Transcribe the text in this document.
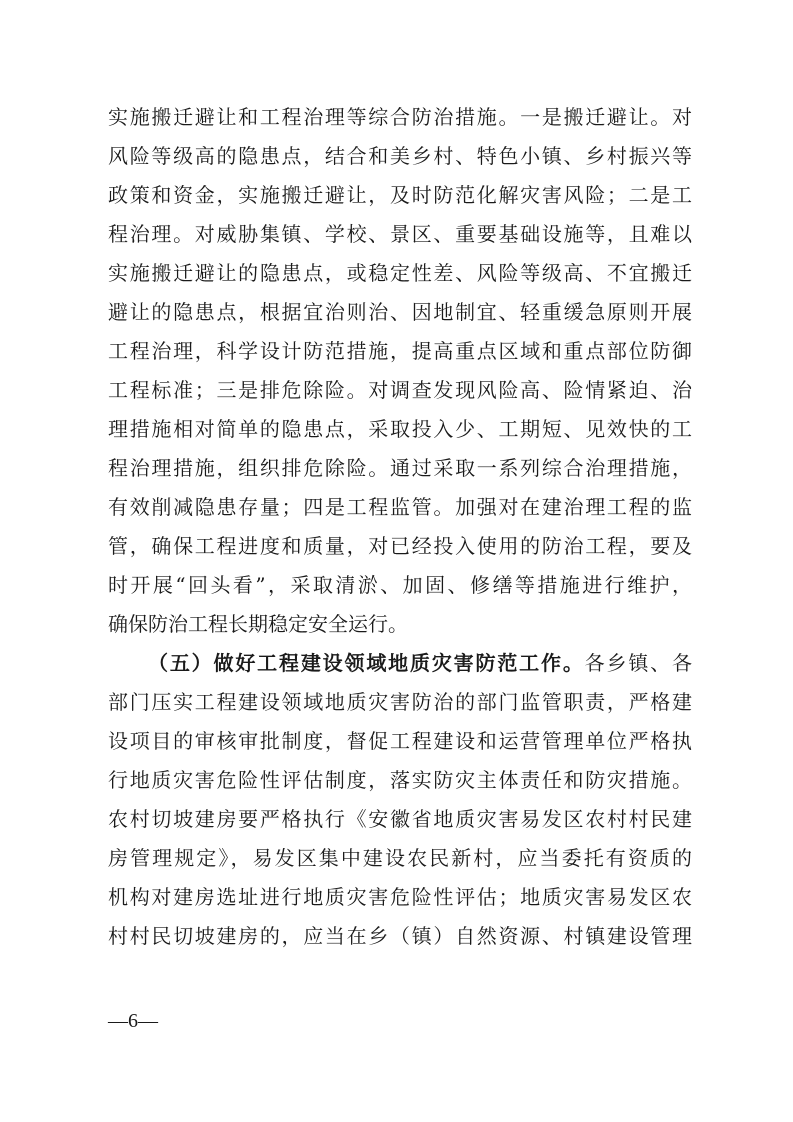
实施搬迁避让和工程治理等综合防治措施。一是搬迁避让。对
风险等级高的隐患点，结合和美乡村、特色小镇、乡村振兴等
政策和资金，实施搬迁避让，及时防范化解灾害风险；二是工
程治理。对威胁集镇、学校、景区、重要基础设施等，且难以
实施搬迁避让的隐患点，或稳定性差、风险等级高、不宜搬迁
避让的隐患点，根据宜治则治、因地制宜、轻重缓急原则开展
工程治理，科学设计防范措施，提高重点区域和重点部位防御
工程标准；三是排危除险。对调查发现风险高、险情紧迫、治
理措施相对简单的隐患点，采取投入少、工期短、见效快的工
程治理措施，组织排危除险。通过采取一系列综合治理措施，
有效削减隐患存量；四是工程监管。加强对在建治理工程的监
管，确保工程进度和质量，对已经投入使用的防治工程，要及
时开展“回头看”，采取清淤、加固、修缮等措施进行维护，
确保防治工程长期稳定安全运行。
（五）做好工程建设领域地质灾害防范工作。各乡镇、各
部门压实工程建设领域地质灾害防治的部门监管职责，严格建
设项目的审核审批制度，督促工程建设和运营管理单位严格执
行地质灾害危险性评估制度，落实防灾主体责任和防灾措施。
农村切坡建房要严格执行《安徽省地质灾害易发区农村村民建
房管理规定》，易发区集中建设农民新村，应当委托有资质的
机构对建房选址进行地质灾害危险性评估；地质灾害易发区农
村村民切坡建房的，应当在乡（镇）自然资源、村镇建设管理
—6—
